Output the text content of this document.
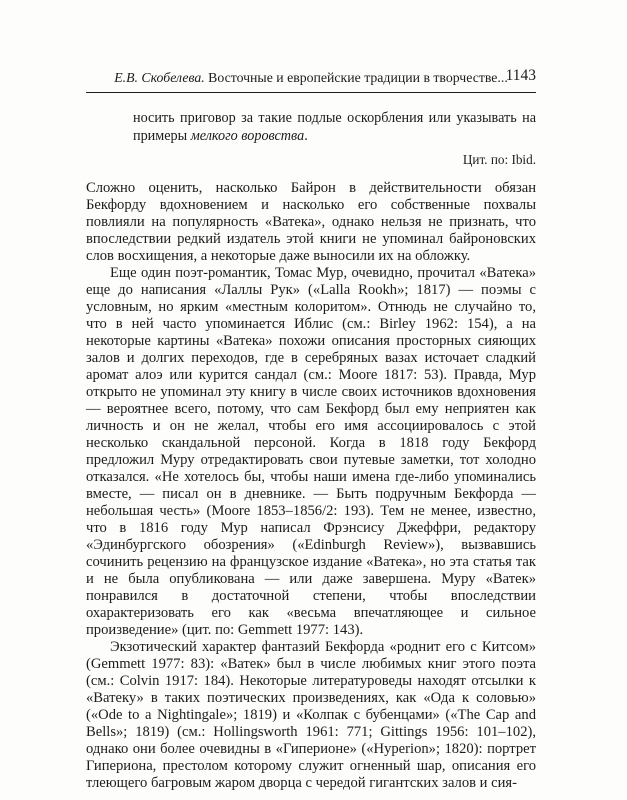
Е.В. Скобелева. Восточные и европейские традиции в творчестве...
1143

носить приговор за такие подлые оскорбления или указывать на примеры мелкого воровства.

Цит. по: Ibid.

Сложно оценить, насколько Байрон в действительности обязан Бекфорду вдохновением и насколько его собственные похвалы повлияли на популярность «Ватека», однако нельзя не признать, что впоследствии редкий издатель этой книги не упоминал байроновских слов восхищения, а некоторые даже выносили их на обложку.

Еще один поэт-романтик, Томас Мур, очевидно, прочитал «Ватека» еще до написания «Лаллы Рук» («Lalla Rookh»; 1817) — поэмы с условным, но ярким «местным колоритом». Отнюдь не случайно то, что в ней часто упоминается Иблис (см.: Birley 1962: 154), а на некоторые картины «Ватека» похожи описания просторных сияющих залов и долгих переходов, где в серебряных вазах источает сладкий аромат алоэ или курится сандал (см.: Moore 1817: 53). Правда, Мур открыто не упоминал эту книгу в числе своих источников вдохновения — вероятнее всего, потому, что сам Бекфорд был ему неприятен как личность и он не желал, чтобы его имя ассоциировалось с этой несколько скандальной персоной. Когда в 1818 году Бекфорд предложил Муру отредактировать свои путевые заметки, тот холодно отказался. «Не хотелось бы, чтобы наши имена где-либо упоминались вместе, — писал он в дневнике. — Быть подручным Бекфорда — небольшая честь» (Moore 1853–1856/2: 193). Тем не менее, известно, что в 1816 году Мур написал Фрэнсису Джеффри, редактору «Эдинбургского обозрения» («Edinburgh Review»), вызвавшись сочинить рецензию на французское издание «Ватека», но эта статья так и не была опубликована — или даже завершена. Муру «Ватек» понравился в достаточной степени, чтобы впоследствии охарактеризовать его как «весьма впечатляющее и сильное произведение» (цит. по: Gemmett 1977: 143).

Экзотический характер фантазий Бекфорда «роднит его с Китсом» (Gemmett 1977: 83): «Ватек» был в числе любимых книг этого поэта (см.: Colvin 1917: 184). Некоторые литературоведы находят отсылки к «Ватеку» в таких поэтических произведениях, как «Ода к соловью» («Ode to a Nightingale»; 1819) и «Колпак с бубенцами» («The Cap and Bells»; 1819) (см.: Hollingsworth 1961: 771; Gittings 1956: 101–102), однако они более очевидны в «Гиперионе» («Hyperion»; 1820): портрет Гипериона, престолом которому служит огненный шар, описания его тлеющего багровым жаром дворца с чередой гигантских залов и сия-
